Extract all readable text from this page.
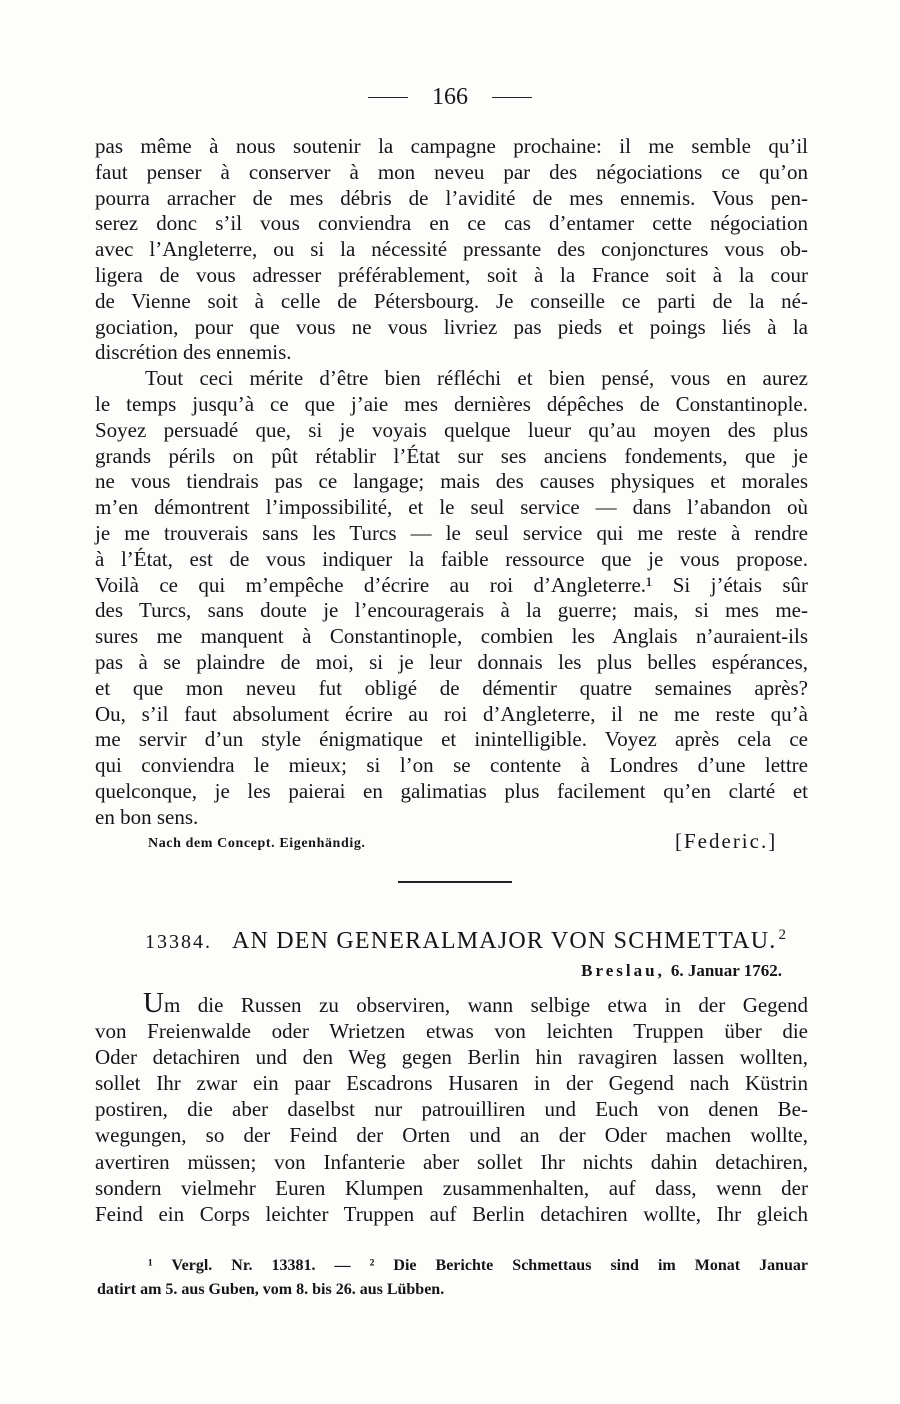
166
pas même à nous soutenir la campagne prochaine: il me semble qu’il
faut penser à conserver à mon neveu par des négociations ce qu’on
pourra arracher de mes débris de l’avidité de mes ennemis. Vous pen-
serez donc s’il vous conviendra en ce cas d’entamer cette négociation
avec l’Angleterre, ou si la nécessité pressante des conjonctures vous ob-
ligera de vous adresser préférablement, soit à la France soit à la cour
de Vienne soit à celle de Pétersbourg. Je conseille ce parti de la né-
gociation, pour que vous ne vous livriez pas pieds et poings liés à la
discrétion des ennemis.
Tout ceci mérite d’être bien réfléchi et bien pensé, vous en aurez
le temps jusqu’à ce que j’aie mes dernières dépêches de Constantinople.
Soyez persuadé que, si je voyais quelque lueur qu’au moyen des plus
grands périls on pût rétablir l’État sur ses anciens fondements, que je
ne vous tiendrais pas ce langage; mais des causes physiques et morales
m’en démontrent l’impossibilité, et le seul service — dans l’abandon où
je me trouverais sans les Turcs — le seul service qui me reste à rendre
à l’État, est de vous indiquer la faible ressource que je vous propose.
Voilà ce qui m’empêche d’écrire au roi d’Angleterre.¹ Si j’étais sûr
des Turcs, sans doute je l’encouragerais à la guerre; mais, si mes me-
sures me manquent à Constantinople, combien les Anglais n’auraient-ils
pas à se plaindre de moi, si je leur donnais les plus belles espérances,
et que mon neveu fut obligé de démentir quatre semaines après?
Ou, s’il faut absolument écrire au roi d’Angleterre, il ne me reste qu’à
me servir d’un style énigmatique et inintelligible. Voyez après cela ce
qui conviendra le mieux; si l’on se contente à Londres d’une lettre
quelconque, je les paierai en galimatias plus facilement qu’en clarté et
en bon sens.
Nach dem Concept. Eigenhändig.	[Federic.]
13384. AN DEN GENERALMAJOR VON SCHMETTAU. 2
Breslau, 6. Januar 1762.
Um die Russen zu observiren, wann selbige etwa in der Gegend
von Freienwalde oder Wrietzen etwas von leichten Truppen über die
Oder detachiren und den Weg gegen Berlin hin ravagiren lassen wollten,
sollet Ihr zwar ein paar Escadrons Husaren in der Gegend nach Küstrin
postiren, die aber daselbst nur patrouilliren und Euch von denen Be-
wegungen, so der Feind der Orten und an der Oder machen wollte,
avertiren müssen; von Infanterie aber sollet Ihr nichts dahin detachiren,
sondern vielmehr Euren Klumpen zusammenhalten, auf dass, wenn der
Feind ein Corps leichter Truppen auf Berlin detachiren wollte, Ihr gleich
¹ Vergl. Nr. 13381. — ² Die Berichte Schmettaus sind im Monat Januar
datirt am 5. aus Guben, vom 8. bis 26. aus Lübben.
